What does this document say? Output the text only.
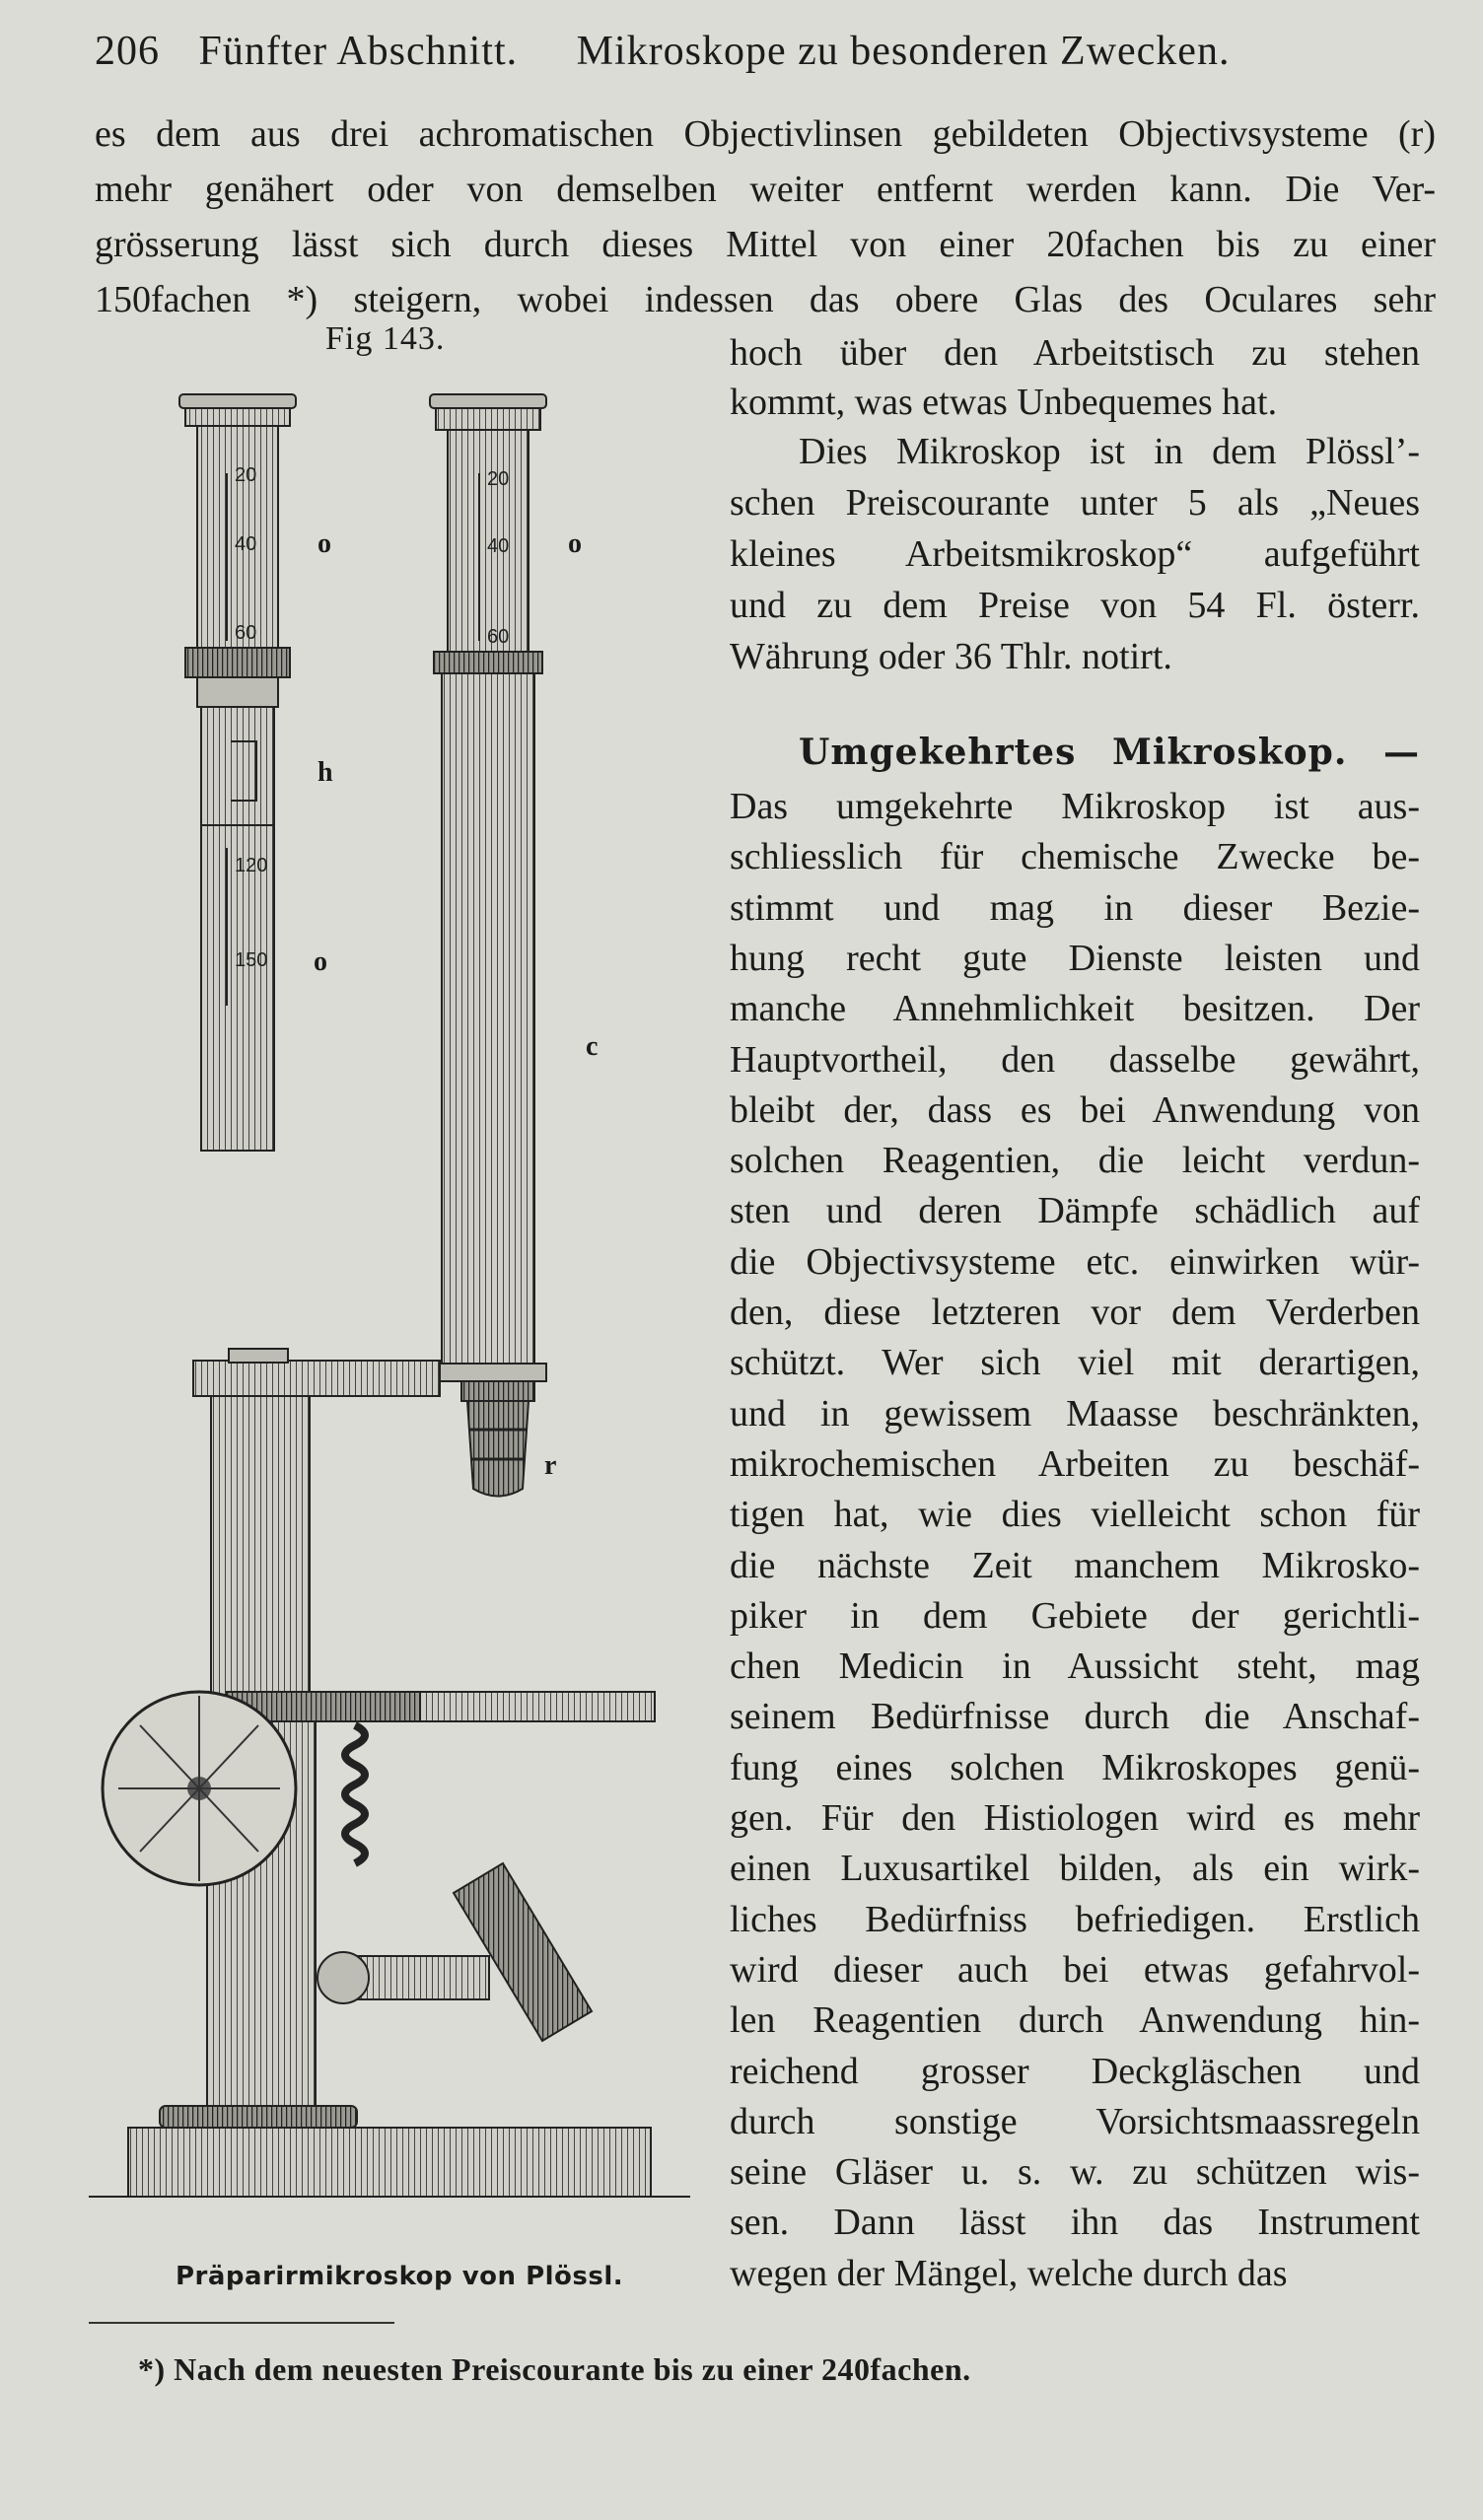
206 Fünfter Abschnitt. Mikroskope zu besonderen Zwecken.
es dem aus drei achromatischen Objectivlinsen gebildeten Objectivsysteme (r)
mehr genähert oder von demselben weiter entfernt werden kann. Die Ver-
grösserung lässt sich durch dieses Mittel von einer 20fachen bis zu einer
150fachen *) steigern, wobei indessen das obere Glas des Oculares sehr
Fig 143.
20
40
60
120
150
o
h
o
20
40
60
o
c
r
Präparirmikroskop von Plössl.
*) Nach dem neuesten Preiscourante bis zu einer 240fachen.
hoch über den Arbeitstisch zu stehen
kommt, was etwas Unbequemes hat.
Dies Mikroskop ist in dem Plössl’-
schen Preiscourante unter 5 als „Neues
kleines Arbeitsmikroskop“ aufgeführt
und zu dem Preise von 54 Fl. österr.
Währung oder 36 Thlr. notirt.
Umgekehrtes Mikroskop. —
Das umgekehrte Mikroskop ist aus-
schliesslich für chemische Zwecke be-
stimmt und mag in dieser Bezie-
hung recht gute Dienste leisten und
manche Annehmlichkeit besitzen. Der
Hauptvortheil, den dasselbe gewährt,
bleibt der, dass es bei Anwendung von
solchen Reagentien, die leicht verdun-
sten und deren Dämpfe schädlich auf
die Objectivsysteme etc. einwirken wür-
den, diese letzteren vor dem Verderben
schützt. Wer sich viel mit derartigen,
und in gewissem Maasse beschränkten,
mikrochemischen Arbeiten zu beschäf-
tigen hat, wie dies vielleicht schon für
die nächste Zeit manchem Mikrosko-
piker in dem Gebiete der gerichtli-
chen Medicin in Aussicht steht, mag
seinem Bedürfnisse durch die Anschaf-
fung eines solchen Mikroskopes genü-
gen. Für den Histiologen wird es mehr
einen Luxusartikel bilden, als ein wirk-
liches Bedürfniss befriedigen. Erstlich
wird dieser auch bei etwas gefahrvol-
len Reagentien durch Anwendung hin-
reichend grosser Deckgläschen und
durch sonstige Vorsichtsmaassregeln
seine Gläser u. s. w. zu schützen wis-
sen. Dann lässt ihn das Instrument
wegen der Mängel, welche durch das
